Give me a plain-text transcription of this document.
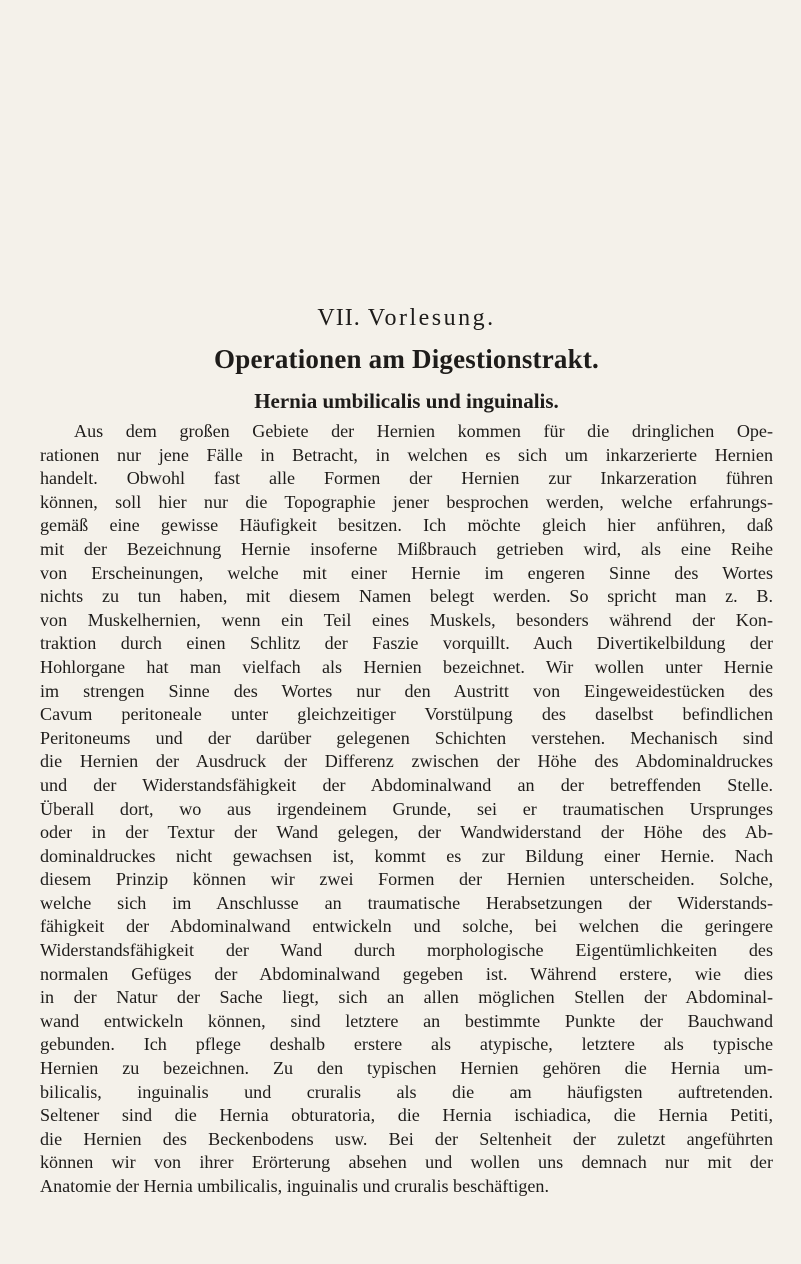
VII. Vorlesung.
Operationen am Digestionstrakt.
Hernia umbilicalis und inguinalis.
Aus dem großen Gebiete der Hernien kommen für die dringlichen Ope-
rationen nur jene Fälle in Betracht, in welchen es sich um inkarzerierte Hernien
handelt. Obwohl fast alle Formen der Hernien zur Inkarzeration führen
können, soll hier nur die Topographie jener besprochen werden, welche erfahrungs-
gemäß eine gewisse Häufigkeit besitzen. Ich möchte gleich hier anführen, daß
mit der Bezeichnung Hernie insoferne Mißbrauch getrieben wird, als eine Reihe
von Erscheinungen, welche mit einer Hernie im engeren Sinne des Wortes
nichts zu tun haben, mit diesem Namen belegt werden. So spricht man z. B.
von Muskelhernien, wenn ein Teil eines Muskels, besonders während der Kon-
traktion durch einen Schlitz der Faszie vorquillt. Auch Divertikelbildung der
Hohlorgane hat man vielfach als Hernien bezeichnet. Wir wollen unter Hernie
im strengen Sinne des Wortes nur den Austritt von Eingeweidestücken des
Cavum peritoneale unter gleichzeitiger Vorstülpung des daselbst befindlichen
Peritoneums und der darüber gelegenen Schichten verstehen. Mechanisch sind
die Hernien der Ausdruck der Differenz zwischen der Höhe des Abdominaldruckes
und der Widerstandsfähigkeit der Abdominalwand an der betreffenden Stelle.
Überall dort, wo aus irgendeinem Grunde, sei er traumatischen Ursprunges
oder in der Textur der Wand gelegen, der Wandwiderstand der Höhe des Ab-
dominaldruckes nicht gewachsen ist, kommt es zur Bildung einer Hernie. Nach
diesem Prinzip können wir zwei Formen der Hernien unterscheiden. Solche,
welche sich im Anschlusse an traumatische Herabsetzungen der Widerstands-
fähigkeit der Abdominalwand entwickeln und solche, bei welchen die geringere
Widerstandsfähigkeit der Wand durch morphologische Eigentümlichkeiten des
normalen Gefüges der Abdominalwand gegeben ist. Während erstere, wie dies
in der Natur der Sache liegt, sich an allen möglichen Stellen der Abdominal-
wand entwickeln können, sind letztere an bestimmte Punkte der Bauchwand
gebunden. Ich pflege deshalb erstere als atypische, letztere als typische
Hernien zu bezeichnen. Zu den typischen Hernien gehören die Hernia um-
bilicalis, inguinalis und cruralis als die am häufigsten auftretenden.
Seltener sind die Hernia obturatoria, die Hernia ischiadica, die Hernia Petiti,
die Hernien des Beckenbodens usw. Bei der Seltenheit der zuletzt angeführten
können wir von ihrer Erörterung absehen und wollen uns demnach nur mit der
Anatomie der Hernia umbilicalis, inguinalis und cruralis beschäftigen.
